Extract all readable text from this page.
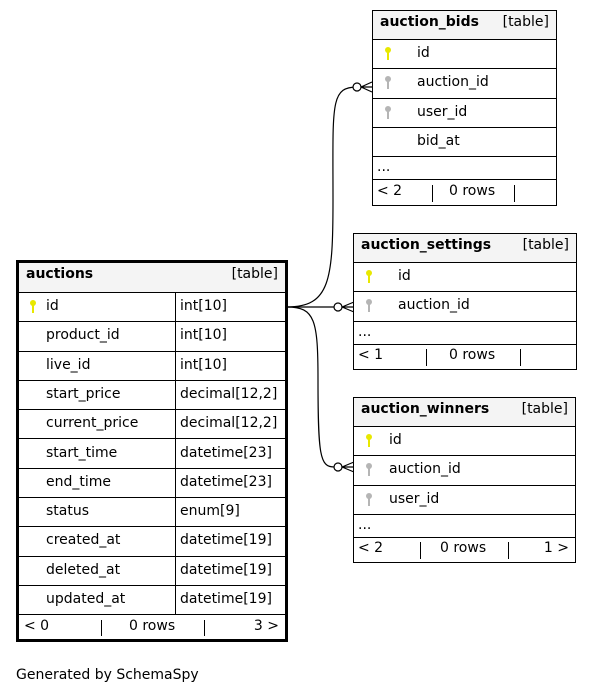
auctions	[table]
id	int[10]
product_id	int[10]
live_id	int[10]
start_price	decimal[12,2]
current_price	decimal[12,2]
start_time	datetime[23]
end_time	datetime[23]
status	enum[9]
created_at	datetime[19]
deleted_at	datetime[19]
updated_at	datetime[19]
< 0	0 rows	3 >
auction_bids [table]
id
auction_id
user_id
bid_at
...
< 2	0 rows
auction_settings [table]
id
auction_id
...
< 1	0 rows
auction_winners [table]
id
auction_id
user_id
...
< 2	0 rows	1 >
Generated by SchemaSpy
